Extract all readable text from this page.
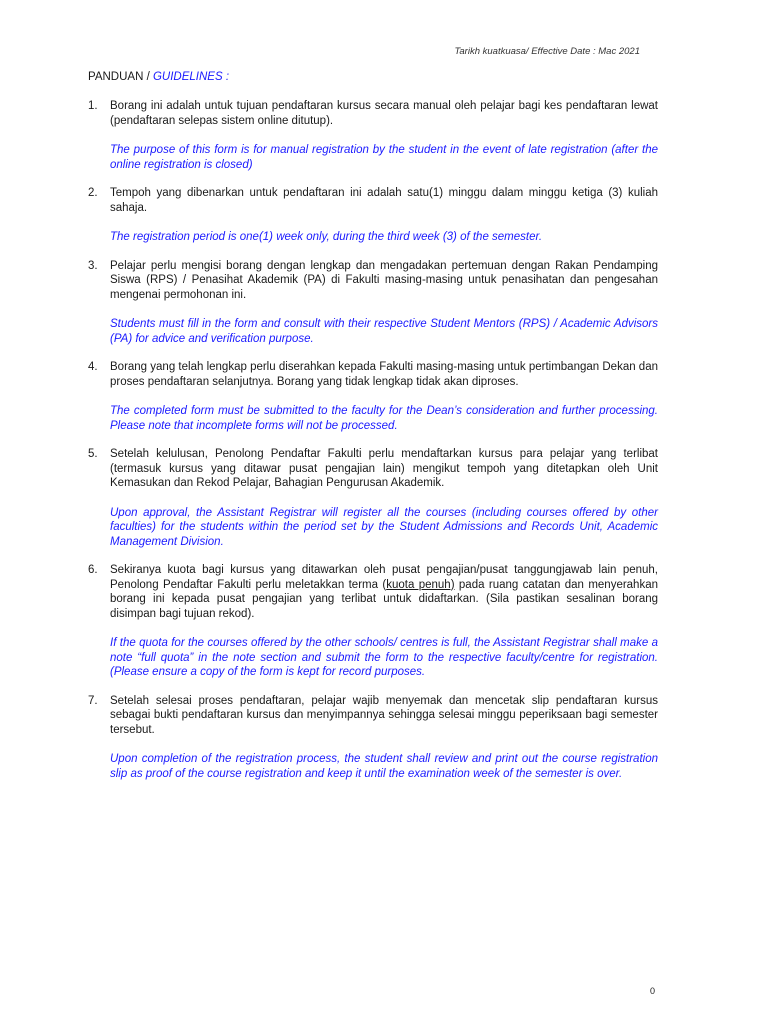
Tarikh kuatkuasa/ Effective Date : Mac 2021
PANDUAN / GUIDELINES :
1. Borang ini adalah untuk tujuan pendaftaran kursus secara manual oleh pelajar bagi kes pendaftaran lewat (pendaftaran selepas sistem online ditutup).

The purpose of this form is for manual registration by the student in the event of late registration (after the online registration is closed)

2. Tempoh yang dibenarkan untuk pendaftaran ini adalah satu(1) minggu dalam minggu ketiga (3) kuliah sahaja.

The registration period is one(1) week only, during the third week (3) of the semester.

3. Pelajar perlu mengisi borang dengan lengkap dan mengadakan pertemuan dengan Rakan Pendamping Siswa (RPS) / Penasihat Akademik (PA) di Fakulti masing-masing untuk penasihatan dan pengesahan mengenai permohonan ini.

Students must fill in the form and consult with their respective Student Mentors (RPS) / Academic Advisors (PA) for advice and verification purpose.

4. Borang yang telah lengkap perlu diserahkan kepada Fakulti masing-masing untuk pertimbangan Dekan dan proses pendaftaran selanjutnya. Borang yang tidak lengkap tidak akan diproses.

The completed form must be submitted to the faculty for the Dean’s consideration and further processing. Please note that incomplete forms will not be processed.

5. Setelah kelulusan, Penolong Pendaftar Fakulti perlu mendaftarkan kursus para pelajar yang terlibat (termasuk kursus yang ditawar pusat pengajian lain) mengikut tempoh yang ditetapkan oleh Unit Kemasukan dan Rekod Pelajar, Bahagian Pengurusan Akademik.

Upon approval, the Assistant Registrar will register all the courses (including courses offered by other faculties) for the students within the period set by the Student Admissions and Records Unit, Academic Management Division.

6. Sekiranya kuota bagi kursus yang ditawarkan oleh pusat pengajian/pusat tanggungjawab lain penuh, Penolong Pendaftar Fakulti perlu meletakkan terma (kuota penuh) pada ruang catatan dan menyerahkan borang ini kepada pusat pengajian yang terlibat untuk didaftarkan. (Sila pastikan sesalinan borang disimpan bagi tujuan rekod).

If the quota for the courses offered by the other schools/ centres is full, the Assistant Registrar shall make a note “full quota” in the note section and submit the form to the respective faculty/centre for registration. (Please ensure a copy of the form is kept for record purposes.

7. Setelah selesai proses pendaftaran, pelajar wajib menyemak dan mencetak slip pendaftaran kursus sebagai bukti pendaftaran kursus dan menyimpannya sehingga selesai minggu peperiksaan bagi semester tersebut.

Upon completion of the registration process, the student shall review and print out the course registration slip as proof of the course registration and keep it until the examination week of the semester is over.

0
